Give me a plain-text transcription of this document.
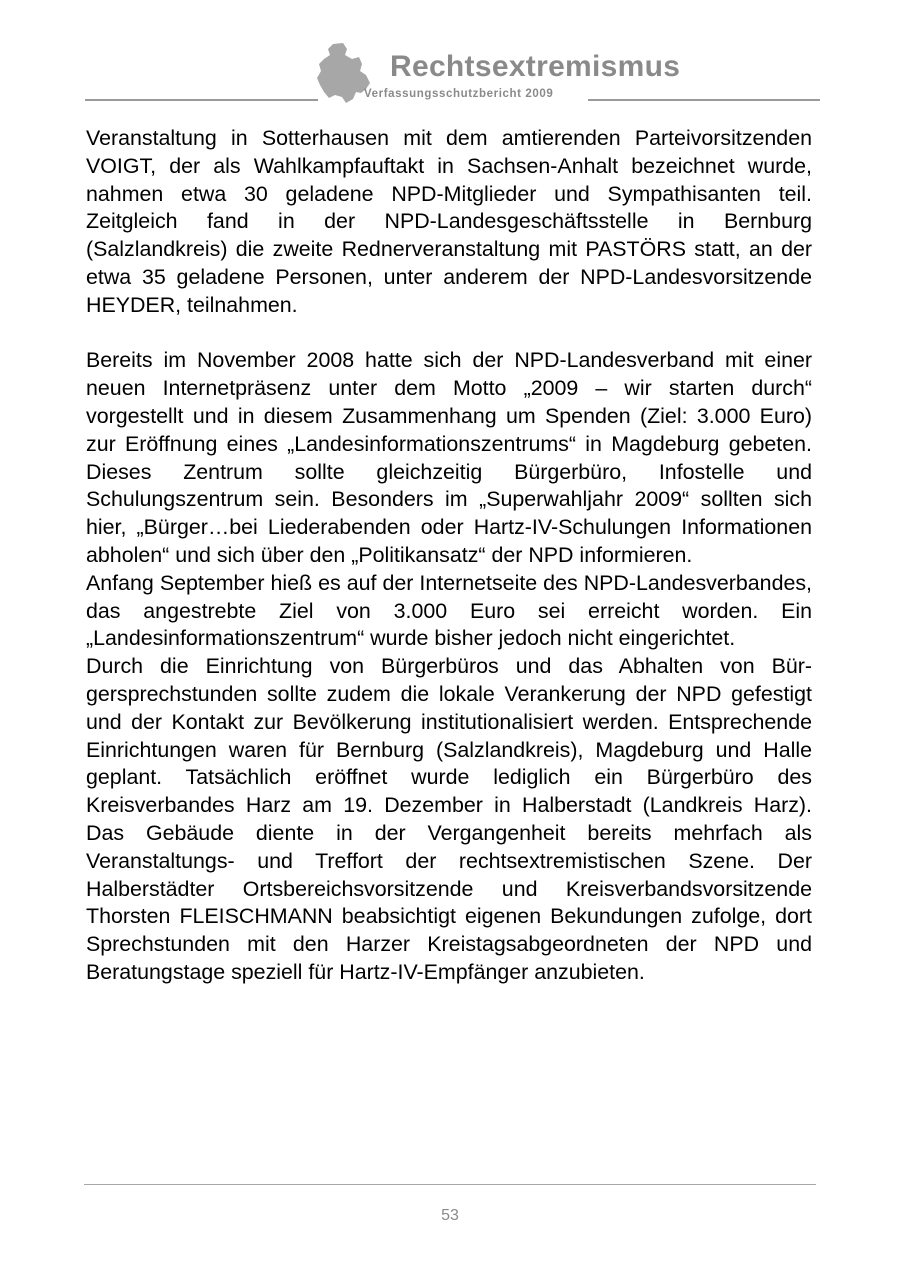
Rechtsextremismus
Verfassungsschutzbericht 2009

Veranstaltung in Sotterhausen mit dem amtierenden Parteivorsitzenden VOIGT, der als Wahlkampfauftakt in Sachsen-Anhalt bezeichnet wurde, nahmen etwa 30 geladene NPD-Mitglieder und Sympathisanten teil. Zeitgleich fand in der NPD-Landesgeschäftsstelle in Bernburg (Salzlandkreis) die zweite Rednerveranstaltung mit PASTÖRS statt, an der etwa 35 geladene Personen, unter anderem der NPD-Landesvorsitzende HEYDER, teilnahmen.

Bereits im November 2008 hatte sich der NPD-Landesverband mit einer neuen Internetpräsenz unter dem Motto „2009 – wir starten durch“ vorgestellt und in diesem Zusammenhang um Spenden (Ziel: 3.000 Euro) zur Eröffnung eines „Landesinformationszentrums“ in Magdeburg gebeten. Dieses Zentrum sollte gleichzeitig Bürgerbüro, Infostelle und Schulungszentrum sein. Besonders im „Superwahljahr 2009“ sollten sich hier, „Bürger…bei Liederabenden oder Hartz-IV-Schulungen Informationen abholen“ und sich über den „Politikansatz“ der NPD informieren.

Anfang September hieß es auf der Internetseite des NPD-Landesverbandes, das angestrebte Ziel von 3.000 Euro sei erreicht worden. Ein „Landesinformationszentrum“ wurde bisher jedoch nicht eingerichtet.

Durch die Einrichtung von Bürgerbüros und das Abhalten von Bürgersprechstunden sollte zudem die lokale Verankerung der NPD gefestigt und der Kontakt zur Bevölkerung institutionalisiert werden. Entsprechende Einrichtungen waren für Bernburg (Salzlandkreis), Magdeburg und Halle geplant. Tatsächlich eröffnet wurde lediglich ein Bürgerbüro des Kreisverbandes Harz am 19. Dezember in Halberstadt (Landkreis Harz). Das Gebäude diente in der Vergangenheit bereits mehrfach als Veranstaltungs- und Treffort der rechtsextremistischen Szene. Der Halberstädter Ortsbereichsvorsitzende und Kreisverbandsvorsitzende Thorsten FLEISCHMANN beabsichtigt eigenen Bekundungen zufolge, dort Sprechstunden mit den Harzer Kreistagsabgeordneten der NPD und Beratungstage speziell für Hartz-IV-Empfänger anzubieten.

53
